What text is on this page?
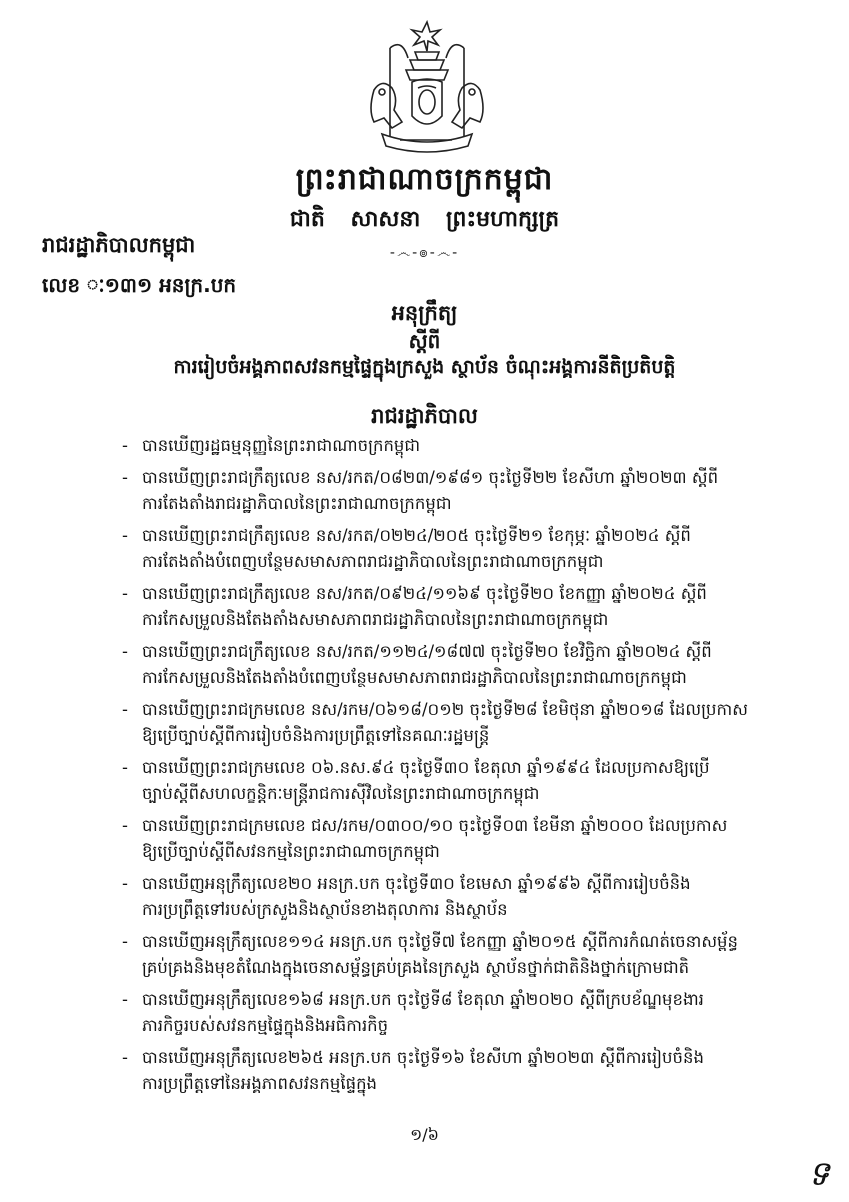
ព្រះរាជាណាចក្រកម្ពុជា
ជាតិ សាសនា ព្រះមហាក្សត្រ
-෴-๏-෴-
រាជរដ្ឋាភិបាលកម្ពុជា
លេខ ៈ១៣១ អនក្រ.បក
អនុក្រឹត្យ
ស្តីពី
ការរៀបចំអង្គភាពសវនកម្មផ្ទៃក្នុងក្រសួង ស្ថាប័ន ចំណុះអង្គការនីតិប្រតិបត្តិ
រាជរដ្ឋាភិបាល
- បានឃើញរដ្ឋធម្មនុញ្ញនៃព្រះរាជាណាចក្រកម្ពុជា
- បានឃើញព្រះរាជក្រឹត្យលេខ នស/រកត/០៨២៣/១៩៨១ ចុះថ្ងៃទី២២ ខែសីហា ឆ្នាំ២០២៣ ស្តីពី
ការតែងតាំងរាជរដ្ឋាភិបាលនៃព្រះរាជាណាចក្រកម្ពុជា
- បានឃើញព្រះរាជក្រឹត្យលេខ នស/រកត/០២២៤/២០៥ ចុះថ្ងៃទី២១ ខែកុម្ភៈ ឆ្នាំ២០២៤ ស្តីពី
ការតែងតាំងបំពេញបន្ថែមសមាសភាពរាជរដ្ឋាភិបាលនៃព្រះរាជាណាចក្រកម្ពុជា
- បានឃើញព្រះរាជក្រឹត្យលេខ នស/រកត/០៩២៤/១១៦៩ ចុះថ្ងៃទី២០ ខែកញ្ញា ឆ្នាំ២០២៤ ស្តីពី
ការកែសម្រួលនិងតែងតាំងសមាសភាពរាជរដ្ឋាភិបាលនៃព្រះរាជាណាចក្រកម្ពុជា
- បានឃើញព្រះរាជក្រឹត្យលេខ នស/រកត/១១២៤/១៨៧៧ ចុះថ្ងៃទី២០ ខែវិច្ឆិកា ឆ្នាំ២០២៤ ស្តីពី
ការកែសម្រួលនិងតែងតាំងបំពេញបន្ថែមសមាសភាពរាជរដ្ឋាភិបាលនៃព្រះរាជាណាចក្រកម្ពុជា
- បានឃើញព្រះរាជក្រមលេខ នស/រកម/០៦១៨/០១២ ចុះថ្ងៃទី២៨ ខែមិថុនា ឆ្នាំ២០១៨ ដែលប្រកាស
ឱ្យប្រើច្បាប់ស្តីពីការរៀបចំនិងការប្រព្រឹត្តទៅនៃគណៈរដ្ឋមន្ត្រី
- បានឃើញព្រះរាជក្រមលេខ ០៦.នស.៩៤ ចុះថ្ងៃទី៣០ ខែតុលា ឆ្នាំ១៩៩៤ ដែលប្រកាសឱ្យប្រើ
ច្បាប់ស្តីពីសហលក្ខន្តិកៈមន្ត្រីរាជការស៊ីវិលនៃព្រះរាជាណាចក្រកម្ពុជា
- បានឃើញព្រះរាជក្រមលេខ ជស/រកម/០៣០០/១០ ចុះថ្ងៃទី០៣ ខែមីនា ឆ្នាំ២០០០ ដែលប្រកាស
ឱ្យប្រើច្បាប់ស្តីពីសវនកម្មនៃព្រះរាជាណាចក្រកម្ពុជា
- បានឃើញអនុក្រឹត្យលេខ២០ អនក្រ.បក ចុះថ្ងៃទី៣០ ខែមេសា ឆ្នាំ១៩៩៦ ស្តីពីការរៀបចំនិង
ការប្រព្រឹត្តទៅរបស់ក្រសួងនិងស្ថាប័នខាងតុលាការ និងស្ថាប័ន
- បានឃើញអនុក្រឹត្យលេខ១១៤ អនក្រ.បក ចុះថ្ងៃទី៧ ខែកញ្ញា ឆ្នាំ២០១៥ ស្តីពីការកំណត់ចេនាសម្ព័ន្ធ
គ្រប់គ្រងនិងមុខតំណែងក្នុងចេនាសម្ព័ន្ធគ្រប់គ្រងនៃក្រសួង ស្ថាប័នថ្នាក់ជាតិនិងថ្នាក់ក្រោមជាតិ
- បានឃើញអនុក្រឹត្យលេខ១៦៨ អនក្រ.បក ចុះថ្ងៃទី៨ ខែតុលា ឆ្នាំ២០២០ ស្តីពីក្របខ័ណ្ឌមុខងារ
ភារកិច្ចរបស់សវនកម្មផ្ទៃក្នុងនិងអធិការកិច្ច
- បានឃើញអនុក្រឹត្យលេខ២៦៥ អនក្រ.បក ចុះថ្ងៃទី១៦ ខែសីហា ឆ្នាំ២០២៣ ស្តីពីការរៀបចំនិង
ការប្រព្រឹត្តទៅនៃអង្គភាពសវនកម្មផ្ទៃក្នុង
១/៦
ទ
